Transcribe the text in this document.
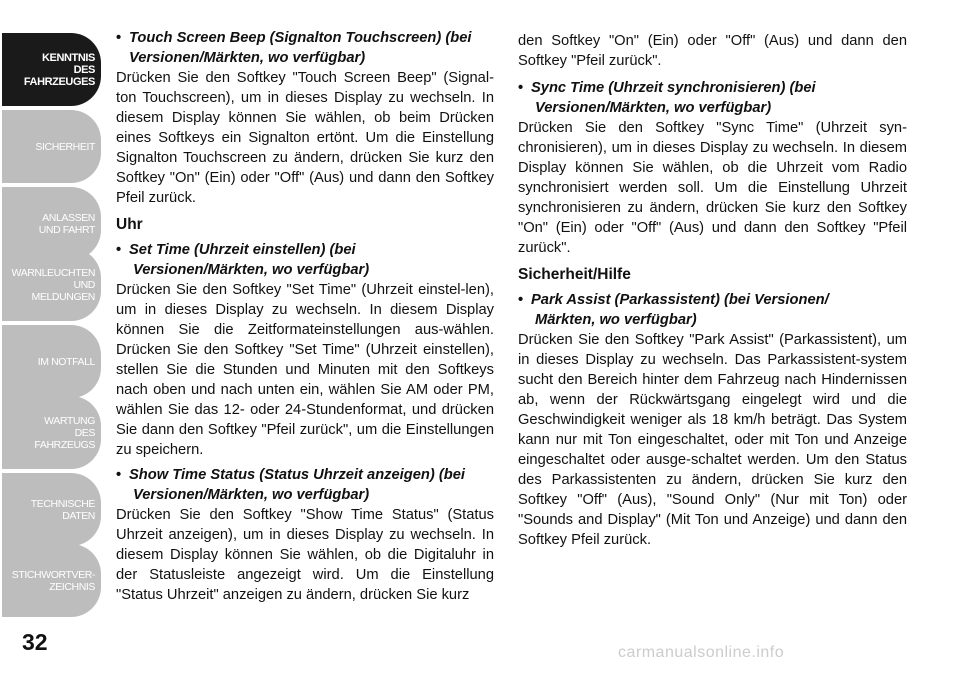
KENNTNIS
DES
FAHRZEUGES
SICHERHEIT
ANLASSEN
UND FAHRT
WARNLEUCHTEN
UND
MELDUNGEN
IM NOTFALL
WARTUNG
DES
FAHRZEUGS
TECHNISCHE
DATEN
STICHWORTVER-
ZEICHNIS
32
• Touch Screen Beep (Signalton Touchscreen) (bei
Versionen/Märkten, wo verfügbar)

Drücken Sie den Softkey "Touch Screen Beep" (Signal-ton Touchscreen), um in dieses Display zu wechseln. In diesem Display können Sie wählen, ob beim Drücken eines Softkeys ein Signalton ertönt. Um die Einstellung Signalton Touchscreen zu ändern, drücken Sie kurz den Softkey "On" (Ein) oder "Off" (Aus) und dann den Softkey Pfeil zurück.

Uhr
• Set Time (Uhrzeit einstellen) (bei
Versionen/Märkten, wo verfügbar)

Drücken Sie den Softkey "Set Time" (Uhrzeit einstel-len), um in dieses Display zu wechseln. In diesem Display können Sie die Zeitformateinstellungen aus-wählen. Drücken Sie den Softkey "Set Time" (Uhrzeit einstellen), stellen Sie die Stunden und Minuten mit den Softkeys nach oben und nach unten ein, wählen Sie AM oder PM, wählen Sie das 12- oder 24-Stundenformat, und drücken Sie dann den Softkey "Pfeil zurück", um die Einstellungen zu speichern.

• Show Time Status (Status Uhrzeit anzeigen) (bei
Versionen/Märkten, wo verfügbar)

Drücken Sie den Softkey "Show Time Status" (Status Uhrzeit anzeigen), um in dieses Display zu wechseln. In diesem Display können Sie wählen, ob die Digitaluhr in der Statusleiste angezeigt wird. Um die Einstellung "Status Uhrzeit" anzeigen zu ändern, drücken Sie kurz

den Softkey "On" (Ein) oder "Off" (Aus) und dann den Softkey "Pfeil zurück".

• Sync Time (Uhrzeit synchronisieren) (bei
Versionen/Märkten, wo verfügbar)

Drücken Sie den Softkey "Sync Time" (Uhrzeit syn-chronisieren), um in dieses Display zu wechseln. In diesem Display können Sie wählen, ob die Uhrzeit vom Radio synchronisiert werden soll. Um die Einstellung Uhrzeit synchronisieren zu ändern, drücken Sie kurz den Softkey "On" (Ein) oder "Off" (Aus) und dann den Softkey "Pfeil zurück".

Sicherheit/Hilfe
• Park Assist (Parkassistent) (bei Versionen/
Märkten, wo verfügbar)

Drücken Sie den Softkey "Park Assist" (Parkassistent), um in dieses Display zu wechseln. Das Parkassistent-system sucht den Bereich hinter dem Fahrzeug nach Hindernissen ab, wenn der Rückwärtsgang eingelegt wird und die Geschwindigkeit weniger als 18 km/h beträgt. Das System kann nur mit Ton eingeschaltet, oder mit Ton und Anzeige eingeschaltet oder ausge-schaltet werden. Um den Status des Parkassistenten zu ändern, drücken Sie kurz den Softkey "Off" (Aus), "Sound Only" (Nur mit Ton) oder "Sounds and Display" (Mit Ton und Anzeige) und dann den Softkey Pfeil zurück.

carmanualsonline.info
